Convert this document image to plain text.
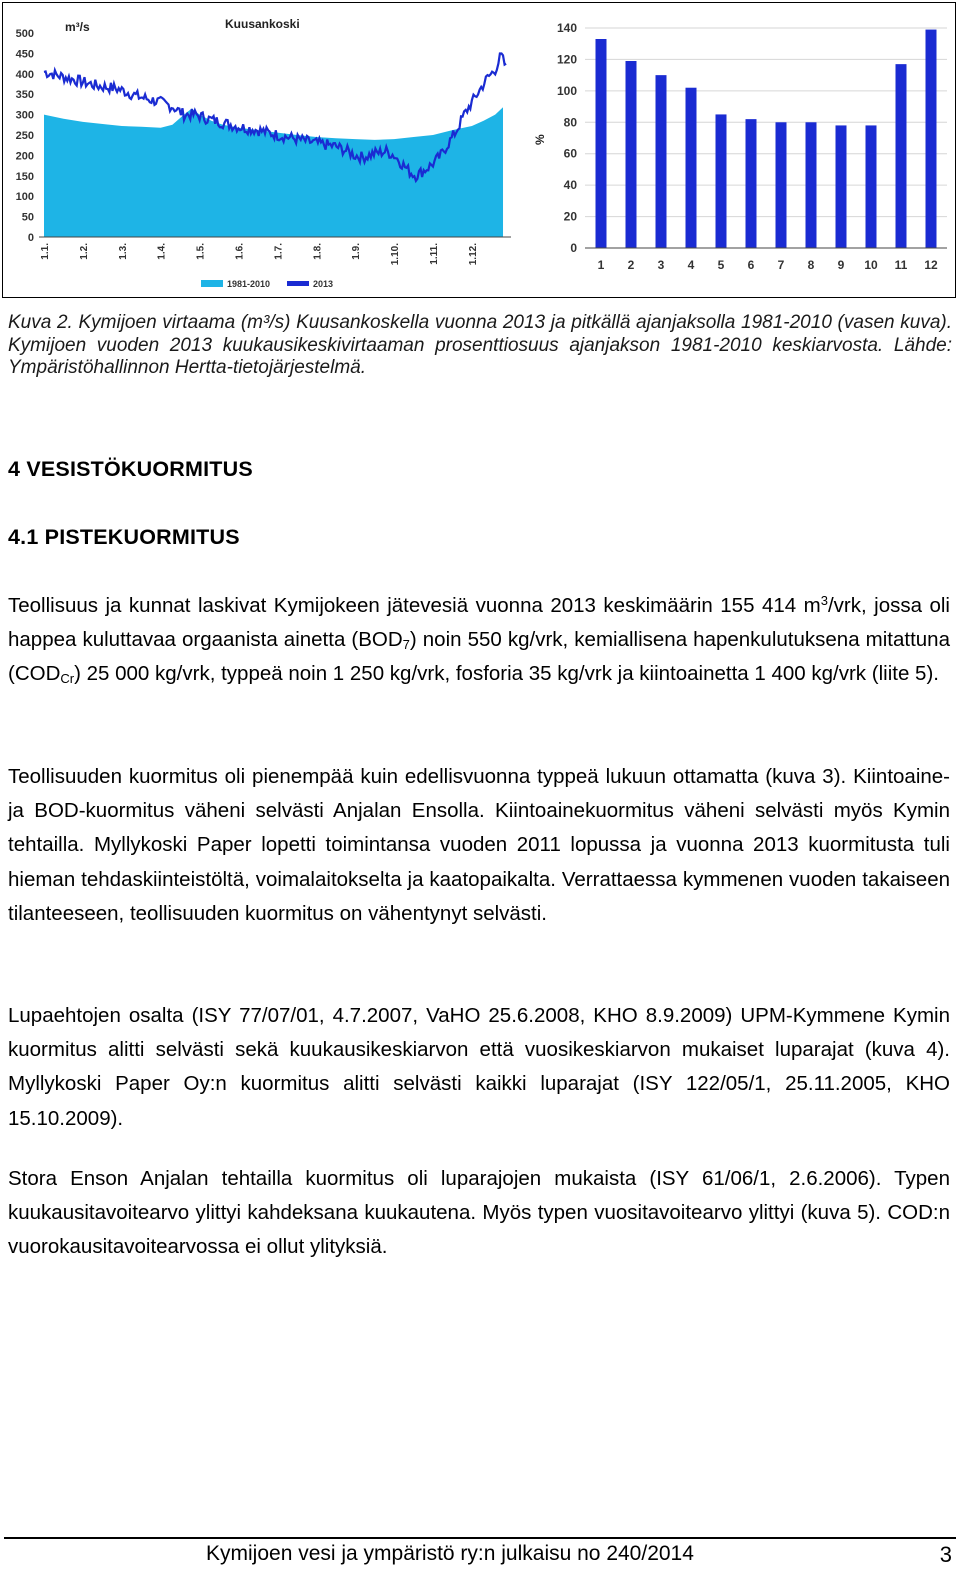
m³/s	Kuusankoski
500
450
400
350
300
250
200
150
100
50
0
1.1.	1.2.	1.3.	1.4.	1.5.	1.6.	1.7.	1.8.	1.9.	1.10.	1.11.	1.12.
1981-2010	2013
%
0
20
40
60
80
100
120
140
1 2 3 4 5 6 7 8 9 10 11 12
Kuva 2. Kymijoen virtaama (m³/s) Kuusankoskella vuonna 2013 ja pitkällä ajanjaksolla 1981-2010 (vasen kuva). Kymijoen vuoden 2013 kuukausikeskivirtaaman prosenttiosuus ajanjakson 1981-2010 keskiarvosta. Lähde: Ympäristöhallinnon Hertta-tietojärjestelmä.
4 VESISTÖKUORMITUS
4.1 PISTEKUORMITUS
Teollisuus ja kunnat laskivat Kymijokeen jätevesiä vuonna 2013 keskimäärin 155 414 $m^3$/vrk, jossa oli happea kuluttavaa orgaanista ainetta $(BOD_7)$ noin 550 kg/vrk, kemiallisena hapenkulutuksena mitattuna $(COD_{Cr})$ 25 000 kg/vrk, typpeä noin 1 250 kg/vrk, fosforia 35 kg/vrk ja kiintoainetta 1 400 kg/vrk (liite 5).
Teollisuuden kuormitus oli pienempää kuin edellisvuonna typpeä lukuun ottamatta (kuva 3). Kiintoaine- ja BOD-kuormitus väheni selvästi Anjalan Ensolla. Kiintoainekuormitus väheni selvästi myös Kymin tehtailla. Myllykoski Paper lopetti toimintansa vuoden 2011 lopussa ja vuonna 2013 kuormitusta tuli hieman tehdaskiinteistöltä, voimalaitokselta ja kaatopaikalta. Verrattaessa kymmenen vuoden takaiseen tilanteeseen, teollisuuden kuormitus on vähentynyt selvästi.
Lupaehtojen osalta (ISY 77/07/01, 4.7.2007, VaHO 25.6.2008, KHO 8.9.2009) UPM-Kymmene Kymin kuormitus alitti selvästi sekä kuukausikeskiarvon että vuosikeskiarvon mukaiset luparajat (kuva 4). Myllykoski Paper Oy:n kuormitus alitti selvästi kaikki luparajat (ISY 122/05/1, 25.11.2005, KHO 15.10.2009).
Stora Enson Anjalan tehtailla kuormitus oli luparajojen mukaista (ISY 61/06/1, 2.6.2006). Typen kuukausitavoitearvo ylittyi kahdeksana kuukautena. Myös typen vuositavoitearvo ylittyi (kuva 5). COD:n vuorokausitavoitearvossa ei ollut ylityksiä.
Kymijoen vesi ja ympäristö ry:n julkaisu no 240/2014	3
